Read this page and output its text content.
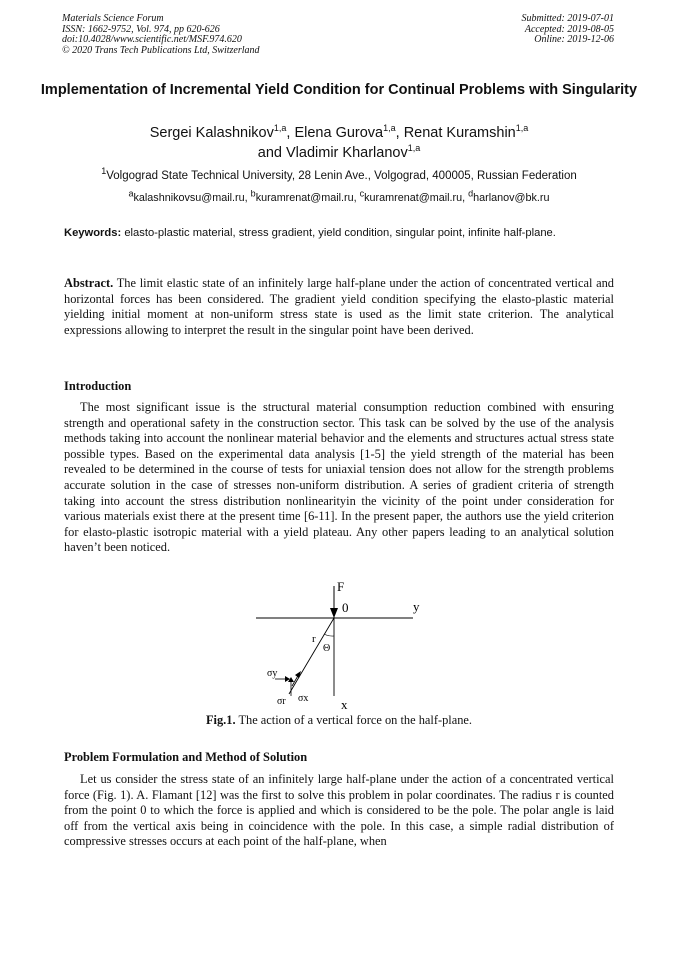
Materials Science Forum
ISSN: 1662-9752, Vol. 974, pp 620-626
doi:10.4028/www.scientific.net/MSF.974.620
© 2020 Trans Tech Publications Ltd, Switzerland
Submitted: 2019-07-01
Accepted: 2019-08-05
Online: 2019-12-06
Implementation of Incremental Yield Condition for Continual Problems with Singularity
Sergei Kalashnikov$^{1,a}$, Elena Gurova$^{1,a}$, Renat Kuramshin$^{1,a}$
and Vladimir Kharlanov$^{1,a}$
$^1$Volgograd State Technical University, 28 Lenin Ave., Volgograd, 400005, Russian Federation
$^a$kalashnikovsu@mail.ru, $^b$kuramrenat@mail.ru, $^c$kuramrenat@mail.ru, $^d$harlanov@bk.ru
Keywords: elasto-plastic material, stress gradient, yield condition, singular point, infinite half-plane.
Abstract. The limit elastic state of an infinitely large half-plane under the action of concentrated vertical and horizontal forces has been considered. The gradient yield condition specifying the elasto-plastic material yielding initial moment at non-uniform stress state is used as the limit state criterion. The analytical expressions allowing to interpret the result in the singular point have been derived.
Introduction
The most significant issue is the structural material consumption reduction combined with ensuring strength and operational safety in the construction sector. This task can be solved by the use of the analysis methods taking into account the nonlinear material behavior and the elements and structures actual stress state possible types. Based on the experimental data analysis [1-5] the yield strength of the material has been revealed to be determined in the course of tests for uniaxial tension does not allow for the strength problems accurate solution in the case of stresses non-uniform distribution. A series of gradient criteria of strength taking into account the stress distribution nonlinearityin the vicinity of the point under consideration for various materials exist there at the present time [6-11]. In the present paper, the authors use the yield criterion for elasto-plastic isotropic material with a yield plateau. Any other papers leading to an analytical solution haven’t been noticed.
F
0	y
x
r
Θ
σy
σr σx
Fig.1. The action of a vertical force on the half-plane.
Problem Formulation and Method of Solution
Let us consider the stress state of an infinitely large half-plane under the action of a concentrated vertical force (Fig. 1). A. Flamant [12] was the first to solve this problem in polar coordinates. The radius r is counted from the point 0 to which the force is applied and which is considered to be the pole. The polar angle is laid off from the vertical axis being in coincidence with the pole. In this case, a simple radial distribution of compressive stresses occurs at each point of the half-plane, when
